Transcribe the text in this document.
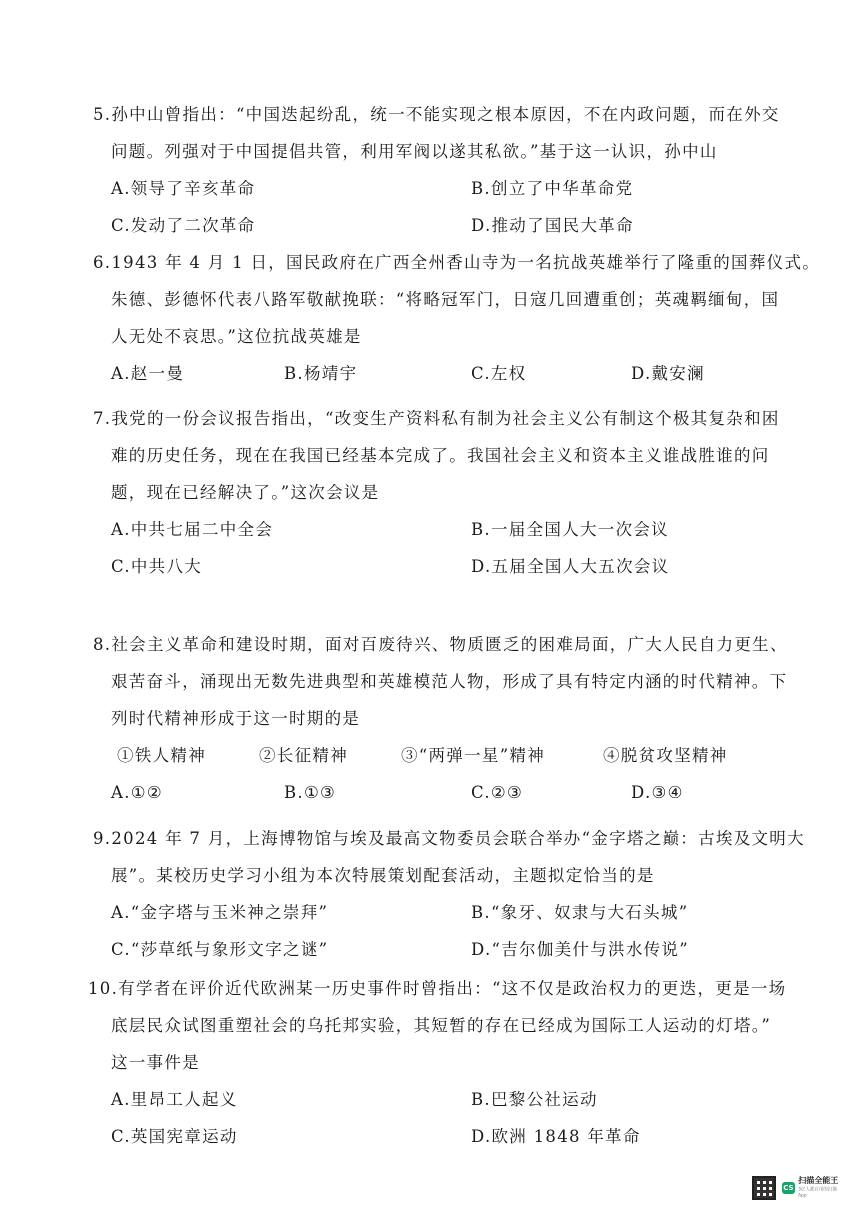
5.孙中山曾指出：“中国迭起纷乱，统一不能实现之根本原因，不在内政问题，而在外交
问题。列强对于中国提倡共管，利用军阀以遂其私欲。”基于这一认识，孙中山
A.领导了辛亥革命	B.创立了中华革命党
C.发动了二次革命	D.推动了国民大革命
6.1943 年 4 月 1 日，国民政府在广西全州香山寺为一名抗战英雄举行了隆重的国葬仪式。
朱德、彭德怀代表八路军敬献挽联：“将略冠军门，日寇几回遭重创；英魂羁缅甸，国
人无处不哀思。”这位抗战英雄是
A.赵一曼	B.杨靖宇	C.左权	D.戴安澜
7.我党的一份会议报告指出，“改变生产资料私有制为社会主义公有制这个极其复杂和困
难的历史任务，现在在我国已经基本完成了。我国社会主义和资本主义谁战胜谁的问
题，现在已经解决了。”这次会议是
A.中共七届二中全会	B.一届全国人大一次会议
C.中共八大	D.五届全国人大五次会议
8.社会主义革命和建设时期，面对百废待兴、物质匮乏的困难局面，广大人民自力更生、
艰苦奋斗，涌现出无数先进典型和英雄模范人物，形成了具有特定内涵的时代精神。下
列时代精神形成于这一时期的是
①铁人精神	②长征精神	③“两弹一星”精神	④脱贫攻坚精神
A.①②	B.①③	C.②③	D.③④
9.2024 年 7 月，上海博物馆与埃及最高文物委员会联合举办“金字塔之巅：古埃及文明大
展”。某校历史学习小组为本次特展策划配套活动，主题拟定恰当的是
A.“金字塔与玉米神之崇拜”	B.“象牙、奴隶与大石头城”
C.“莎草纸与象形文字之谜”	D.“吉尔伽美什与洪水传说”
10.有学者在评价近代欧洲某一历史事件时曾指出：“这不仅是政治权力的更迭，更是一场
底层民众试图重塑社会的乌托邦实验，其短暂的存在已经成为国际工人运动的灯塔。”
这一事件是
A.里昂工人起义	B.巴黎公社运动
C.英国宪章运动	D.欧洲 1848 年革命
CS
扫描全能王
3亿人都在用的扫描App
